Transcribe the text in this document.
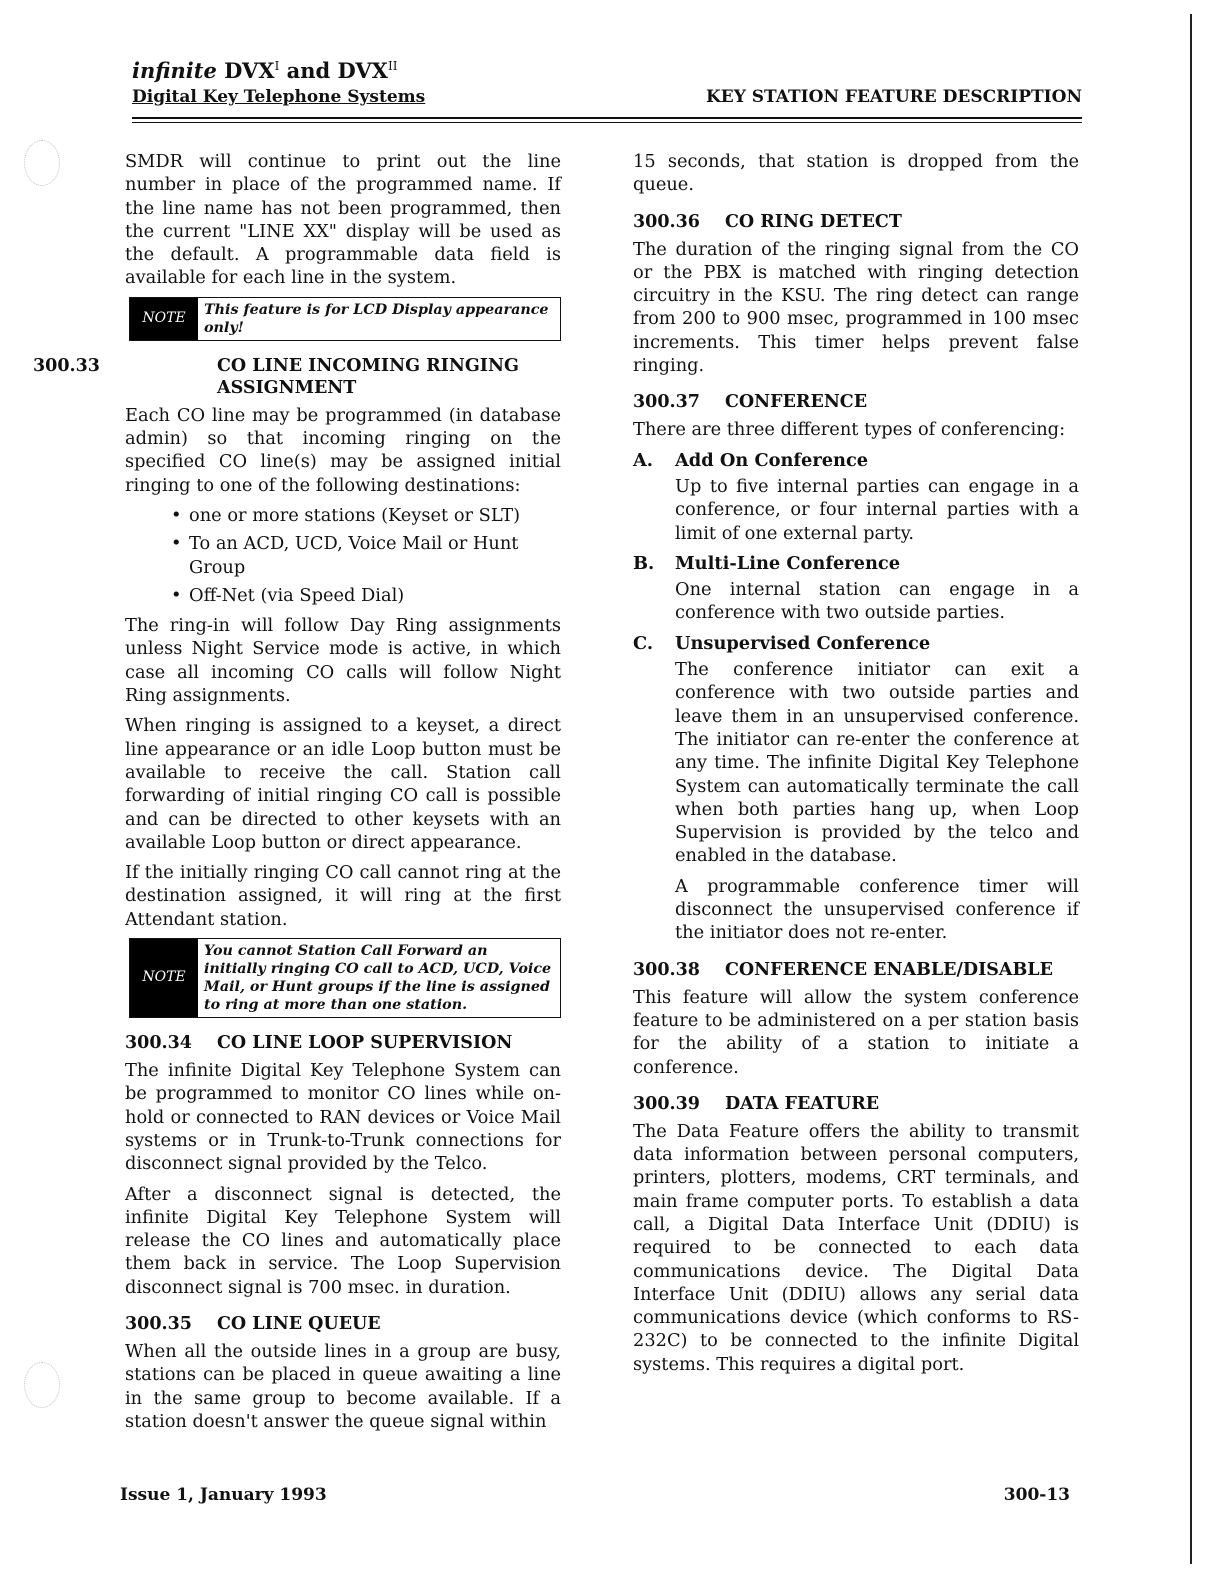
infinite $DVX^I$ and $DVX^{II}$
Digital Key Telephone Systems	KEY STATION FEATURE DESCRIPTION

SMDR will continue to print out the line number in place of the programmed name. If the line name has not been programmed, then the current "LINE XX" display will be used as the default. A programmable data field is available for each line in the system.

NOTE
This feature is for LCD Display appearance only!
300.33	CO LINE INCOMING RINGING ASSIGNMENT

Each CO line may be programmed (in database admin) so that incoming ringing on the specified CO line(s) may be assigned initial ringing to one of the following destinations:

• one or more stations (Keyset or SLT)
• To an ACD, UCD, Voice Mail or Hunt Group
• Off-Net (via Speed Dial)

The ring-in will follow Day Ring assignments unless Night Service mode is active, in which case all incoming CO calls will follow Night Ring assignments.

When ringing is assigned to a keyset, a direct line appearance or an idle Loop button must be available to receive the call. Station call forwarding of initial ringing CO call is possible and can be directed to other keysets with an available Loop button or direct appearance.

If the initially ringing CO call cannot ring at the destination assigned, it will ring at the first Attendant station.

NOTE
You cannot Station Call Forward an initially ringing CO call to ACD, UCD, Voice Mail, or Hunt groups if the line is assigned to ring at more than one station.
300.34 CO LINE LOOP SUPERVISION

The infinite Digital Key Telephone System can be programmed to monitor CO lines while on-hold or connected to RAN devices or Voice Mail systems or in Trunk-to-Trunk connections for disconnect signal provided by the Telco.

After a disconnect signal is detected, the infinite Digital Key Telephone System will release the CO lines and automatically place them back in service. The Loop Supervision disconnect signal is 700 msec. in duration.

300.35 CO LINE QUEUE

When all the outside lines in a group are busy, stations can be placed in queue awaiting a line in the same group to become available. If a station doesn't answer the queue signal within

15 seconds, that station is dropped from the queue.

300.36 CO RING DETECT

The duration of the ringing signal from the CO or the PBX is matched with ringing detection circuitry in the KSU. The ring detect can range from 200 to 900 msec, programmed in 100 msec increments. This timer helps prevent false ringing.

300.37 CONFERENCE

There are three different types of conferencing:

A. Add On Conference

Up to five internal parties can engage in a conference, or four internal parties with a limit of one external party.

B. Multi-Line Conference

One internal station can engage in a conference with two outside parties.

C. Unsupervised Conference

The conference initiator can exit a conference with two outside parties and leave them in an unsupervised conference. The initiator can re-enter the conference at any time. The infinite Digital Key Telephone System can automatically terminate the call when both parties hang up, when Loop Supervision is provided by the telco and enabled in the database.

A programmable conference timer will disconnect the unsupervised conference if the initiator does not re-enter.

300.38 CONFERENCE ENABLE/DISABLE

This feature will allow the system conference feature to be administered on a per station basis for the ability of a station to initiate a conference.

300.39 DATA FEATURE

The Data Feature offers the ability to transmit data information between personal computers, printers, plotters, modems, CRT terminals, and main frame computer ports. To establish a data call, a Digital Data Interface Unit (DDIU) is required to be connected to each data communications device. The Digital Data Interface Unit (DDIU) allows any serial data communications device (which conforms to RS-232C) to be connected to the infinite Digital systems. This requires a digital port.

Issue 1, January 1993	300-13
